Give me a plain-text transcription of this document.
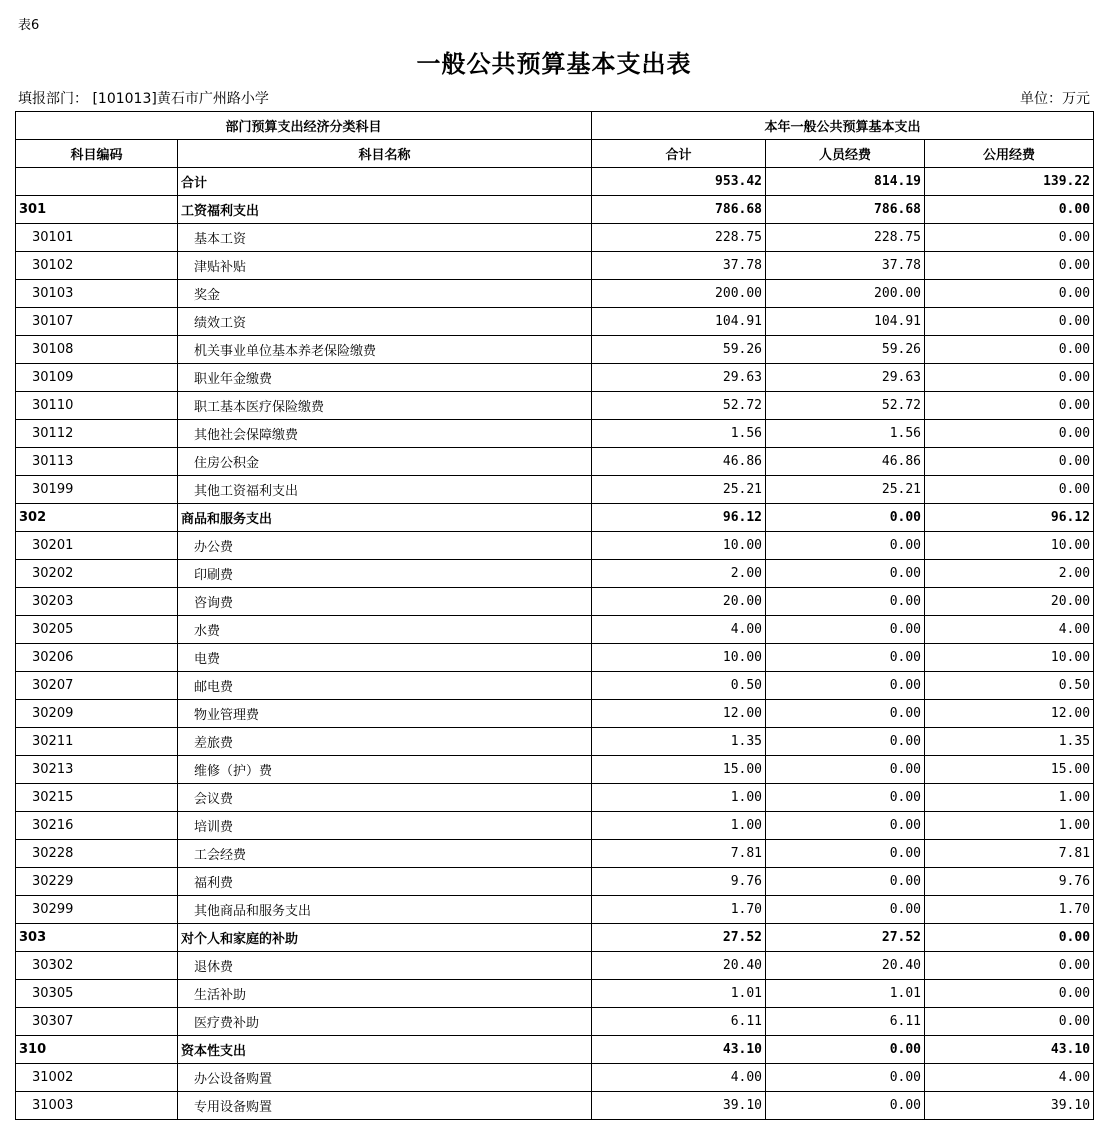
表6
一般公共预算基本支出表
填报部门： [101013]黄石市广州路小学	单位：万元
部门预算支出经济分类科目		本年一般公共预算基本支出		
科目编码	科目名称	合计	人员经费	公用经费
	合计	953.42	814.19	139.22
301	工资福利支出	786.68	786.68	0.00
30101	基本工资	228.75	228.75	0.00
30102	津贴补贴	37.78	37.78	0.00
30103	奖金	200.00	200.00	0.00
30107	绩效工资	104.91	104.91	0.00
30108	机关事业单位基本养老保险缴费	59.26	59.26	0.00
30109	职业年金缴费	29.63	29.63	0.00
30110	职工基本医疗保险缴费	52.72	52.72	0.00
30112	其他社会保障缴费	1.56	1.56	0.00
30113	住房公积金	46.86	46.86	0.00
30199	其他工资福利支出	25.21	25.21	0.00
302	商品和服务支出	96.12	0.00	96.12
30201	办公费	10.00	0.00	10.00
30202	印刷费	2.00	0.00	2.00
30203	咨询费	20.00	0.00	20.00
30205	水费	4.00	0.00	4.00
30206	电费	10.00	0.00	10.00
30207	邮电费	0.50	0.00	0.50
30209	物业管理费	12.00	0.00	12.00
30211	差旅费	1.35	0.00	1.35
30213	维修（护）费	15.00	0.00	15.00
30215	会议费	1.00	0.00	1.00
30216	培训费	1.00	0.00	1.00
30228	工会经费	7.81	0.00	7.81
30229	福利费	9.76	0.00	9.76
30299	其他商品和服务支出	1.70	0.00	1.70
303	对个人和家庭的补助	27.52	27.52	0.00
30302	退休费	20.40	20.40	0.00
30305	生活补助	1.01	1.01	0.00
30307	医疗费补助	6.11	6.11	0.00
310	资本性支出	43.10	0.00	43.10
31002	办公设备购置	4.00	0.00	4.00
31003	专用设备购置	39.10	0.00	39.10
